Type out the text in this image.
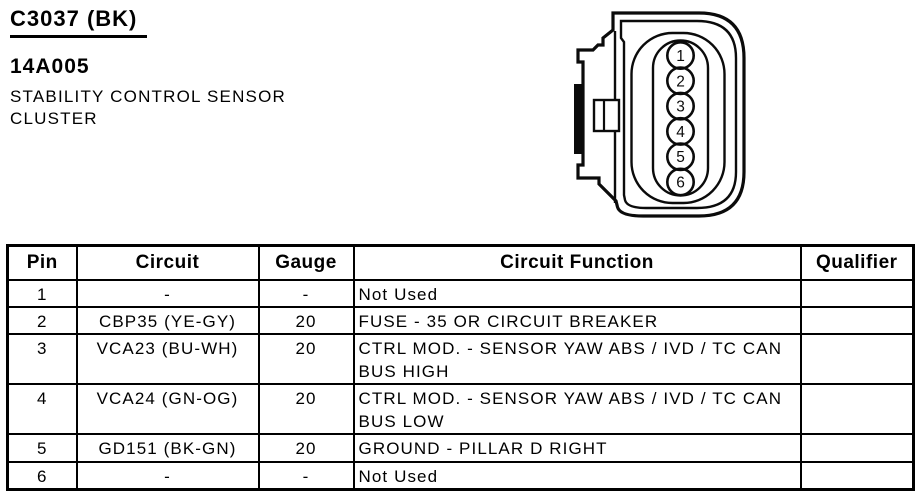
C3037 (BK)
14A005
STABILITY CONTROL SENSOR
CLUSTER
1
2
3
4
5
6
Pin	Circuit	Gauge	Circuit Function	Qualifier
1	-	-	Not Used	
2	CBP35 (YE-GY)	20	FUSE - 35 OR CIRCUIT BREAKER	
3	VCA23 (BU-WH)	20	CTRL MOD. - SENSOR YAW ABS / IVD / TC CAN BUS HIGH	
4	VCA24 (GN-OG)	20	CTRL MOD. - SENSOR YAW ABS / IVD / TC CAN BUS LOW	
5	GD151 (BK-GN)	20	GROUND - PILLAR D RIGHT	
6	-	-	Not Used	
